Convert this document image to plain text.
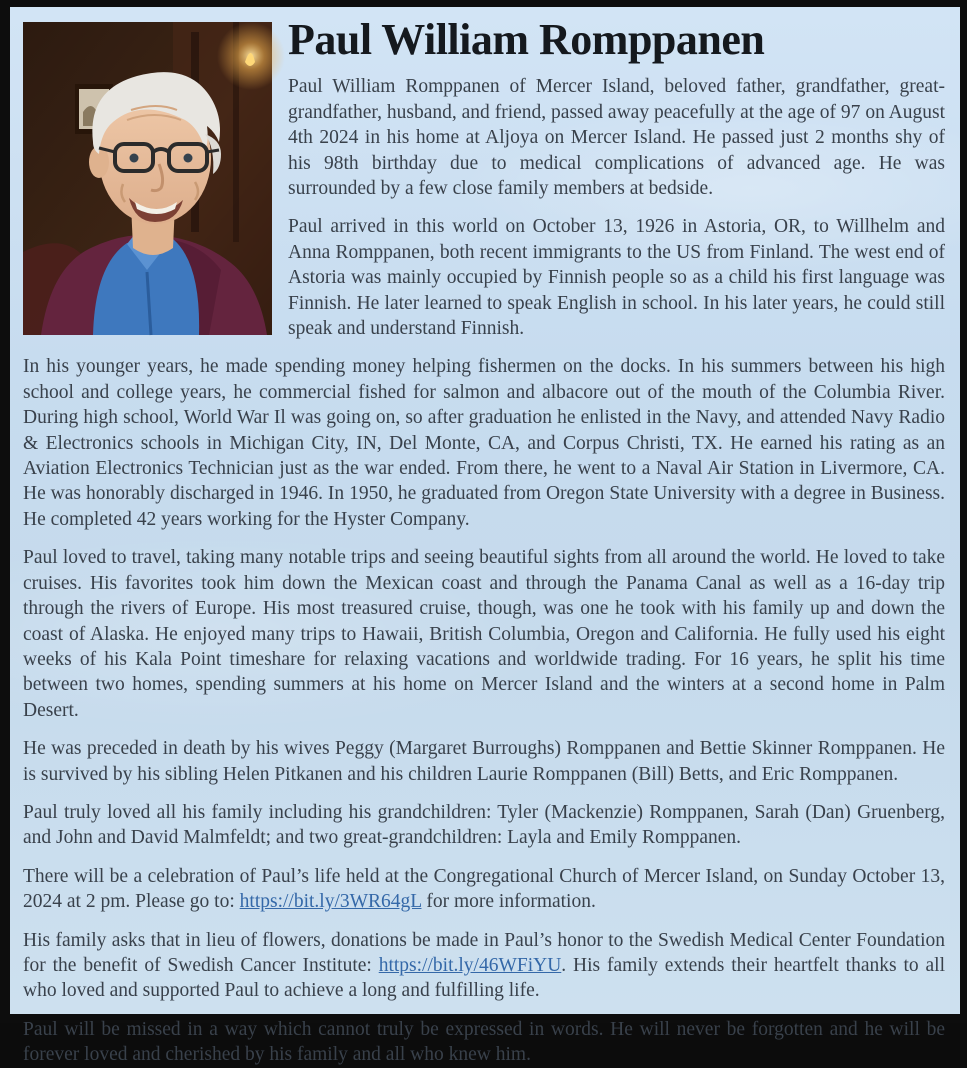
Paul William Romppanen

Paul William Romppanen of Mercer Island, beloved father, grandfather, great-grandfather, husband, and friend, passed away peacefully at the age of 97 on August 4th 2024 in his home at Aljoya on Mercer Island. He passed just 2 months shy of his 98th birthday due to medical complications of advanced age. He was surrounded by a few close family members at bedside.

Paul arrived in this world on October 13, 1926 in Astoria, OR, to Willhelm and Anna Romppanen, both recent immigrants to the US from Finland. The west end of Astoria was mainly occupied by Finnish people so as a child his first language was Finnish. He later learned to speak English in school. In his later years, he could still speak and understand Finnish.

In his younger years, he made spending money helping fishermen on the docks. In his summers between his high school and college years, he commercial fished for salmon and albacore out of the mouth of the Columbia River. During high school, World War Il was going on, so after graduation he enlisted in the Navy, and attended Navy Radio & Electronics schools in Michigan City, IN, Del Monte, CA, and Corpus Christi, TX. He earned his rating as an Aviation Electronics Technician just as the war ended. From there, he went to a Naval Air Station in Livermore, CA. He was honorably discharged in 1946. In 1950, he graduated from Oregon State University with a degree in Business. He completed 42 years working for the Hyster Company.

Paul loved to travel, taking many notable trips and seeing beautiful sights from all around the world. He loved to take cruises. His favorites took him down the Mexican coast and through the Panama Canal as well as a 16-day trip through the rivers of Europe. His most treasured cruise, though, was one he took with his family up and down the coast of Alaska. He enjoyed many trips to Hawaii, British Columbia, Oregon and California. He fully used his eight weeks of his Kala Point timeshare for relaxing vacations and worldwide trading. For 16 years, he split his time between two homes, spending summers at his home on Mercer Island and the winters at a second home in Palm Desert.

He was preceded in death by his wives Peggy (Margaret Burroughs) Romppanen and Bettie Skinner Romppanen. He is survived by his sibling Helen Pitkanen and his children Laurie Romppanen (Bill) Betts, and Eric Romppanen.

Paul truly loved all his family including his grandchildren: Tyler (Mackenzie) Romppanen, Sarah (Dan) Gruenberg, and John and David Malmfeldt; and two great-grandchildren: Layla and Emily Romppanen.

There will be a celebration of Paul’s life held at the Congregational Church of Mercer Island, on Sunday October 13, 2024 at 2 pm. Please go to: https://bit.ly/3WR64gL for more information.

His family asks that in lieu of flowers, donations be made in Paul’s honor to the Swedish Medical Center Foundation for the benefit of Swedish Cancer Institute: https://bit.ly/46WFiYU. His family extends their heartfelt thanks to all who loved and supported Paul to achieve a long and fulfilling life.

Paul will be missed in a way which cannot truly be expressed in words. He will never be forgotten and he will be forever loved and cherished by his family and all who knew him.
